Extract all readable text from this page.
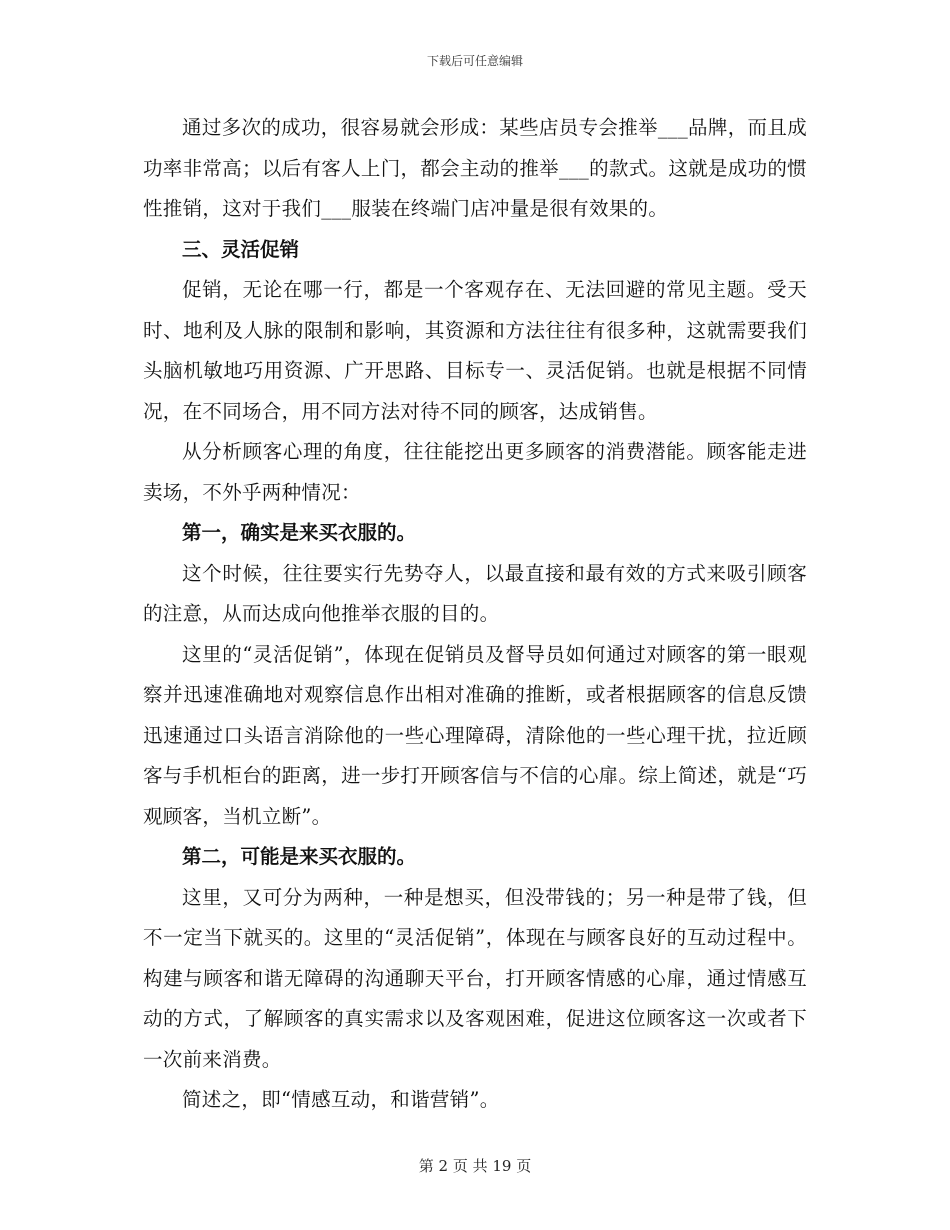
下载后可任意编辑

通过多次的成功，很容易就会形成：某些店员专会推举___品牌，而且成功率非常高；以后有客人上门，都会主动的推举___的款式。这就是成功的惯性推销，这对于我们___服装在终端门店冲量是很有效果的。

三、灵活促销

促销，无论在哪一行，都是一个客观存在、无法回避的常见主题。受天时、地利及人脉的限制和影响，其资源和方法往往有很多种，这就需要我们头脑机敏地巧用资源、广开思路、目标专一、灵活促销。也就是根据不同情况，在不同场合，用不同方法对待不同的顾客，达成销售。

从分析顾客心理的角度，往往能挖出更多顾客的消费潜能。顾客能走进卖场，不外乎两种情况：

第一，确实是来买衣服的。

这个时候，往往要实行先势夺人，以最直接和最有效的方式来吸引顾客的注意，从而达成向他推举衣服的目的。

这里的“灵活促销”，体现在促销员及督导员如何通过对顾客的第一眼观察并迅速准确地对观察信息作出相对准确的推断，或者根据顾客的信息反馈迅速通过口头语言消除他的一些心理障碍，清除他的一些心理干扰，拉近顾客与手机柜台的距离，进一步打开顾客信与不信的心扉。综上简述，就是“巧观顾客，当机立断”。

第二，可能是来买衣服的。

这里，又可分为两种，一种是想买，但没带钱的；另一种是带了钱，但不一定当下就买的。这里的“灵活促销”，体现在与顾客良好的互动过程中。构建与顾客和谐无障碍的沟通聊天平台，打开顾客情感的心扉，通过情感互动的方式，了解顾客的真实需求以及客观困难，促进这位顾客这一次或者下一次前来消费。

简述之，即“情感互动，和谐营销”。

第 2 页 共 19 页
